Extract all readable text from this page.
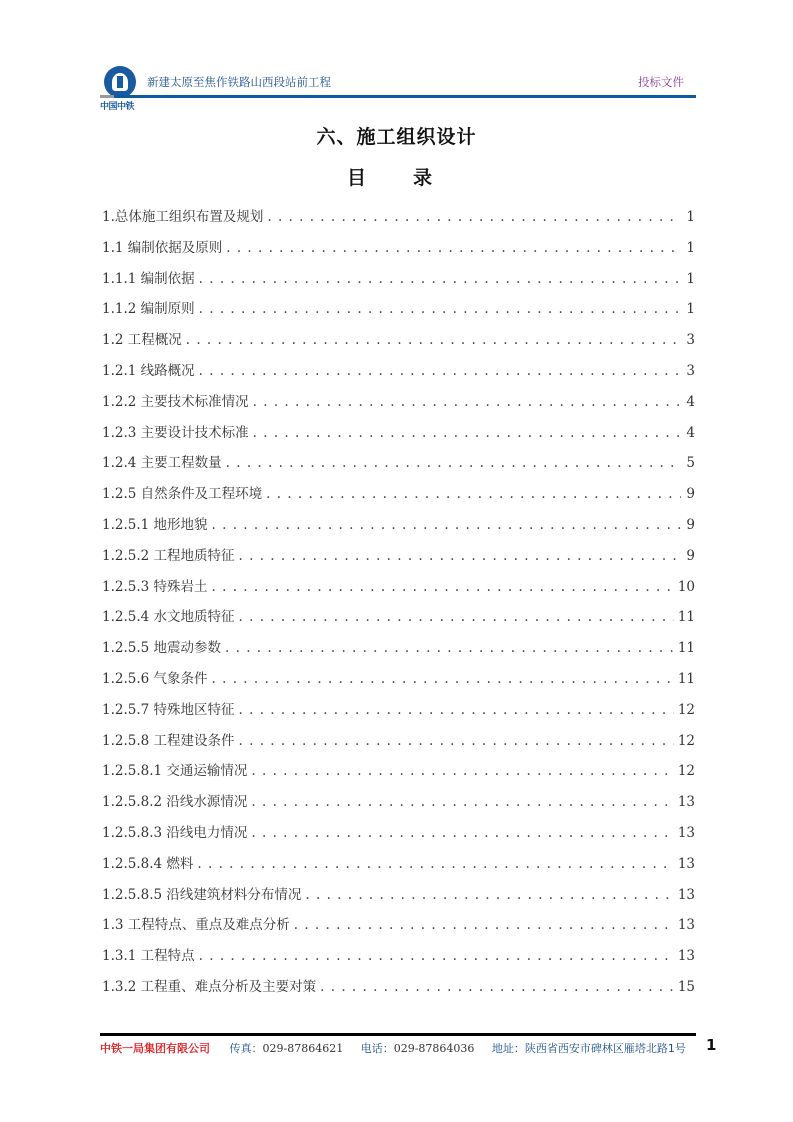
中国中铁
新建太原至焦作铁路山西段站前工程	投标文件
六、施工组织设计
目　录
1.总体施工组织布置及规划 . . .	1
1.1 编制依据及原则 . . .	1
1.1.1 编制依据 . . .	1
1.1.2 编制原则 . . .	1
1.2 工程概况 . . .	3
1.2.1 线路概况 . . .	3
1.2.2 主要技术标准情况 . . .	4
1.2.3 主要设计技术标准 . . .	4
1.2.4 主要工程数量 . . .	5
1.2.5 自然条件及工程环境 . . .	9
1.2.5.1 地形地貌 . . .	9
1.2.5.2 工程地质特征 . . .	9
1.2.5.3 特殊岩土 . . .	10
1.2.5.4 水文地质特征 . . .	11
1.2.5.5 地震动参数 . . .	11
1.2.5.6 气象条件 . . .	11
1.2.5.7 特殊地区特征 . . .	12
1.2.5.8 工程建设条件 . . .	12
1.2.5.8.1 交通运输情况 . . .	12
1.2.5.8.2 沿线水源情况 . . .	13
1.2.5.8.3 沿线电力情况 . . .	13
1.2.5.8.4 燃料 . . .	13
1.2.5.8.5 沿线建筑材料分布情况 . . .	13
1.3 工程特点、重点及难点分析 . . .	13
1.3.1 工程特点 . . .	13
1.3.2 工程重、难点分析及主要对策 . . .	15
中铁一局集团有限公司 传真：029-87864621 电话：029-87864036 地址：陕西省西安市碑林区雁塔北路1号	1
